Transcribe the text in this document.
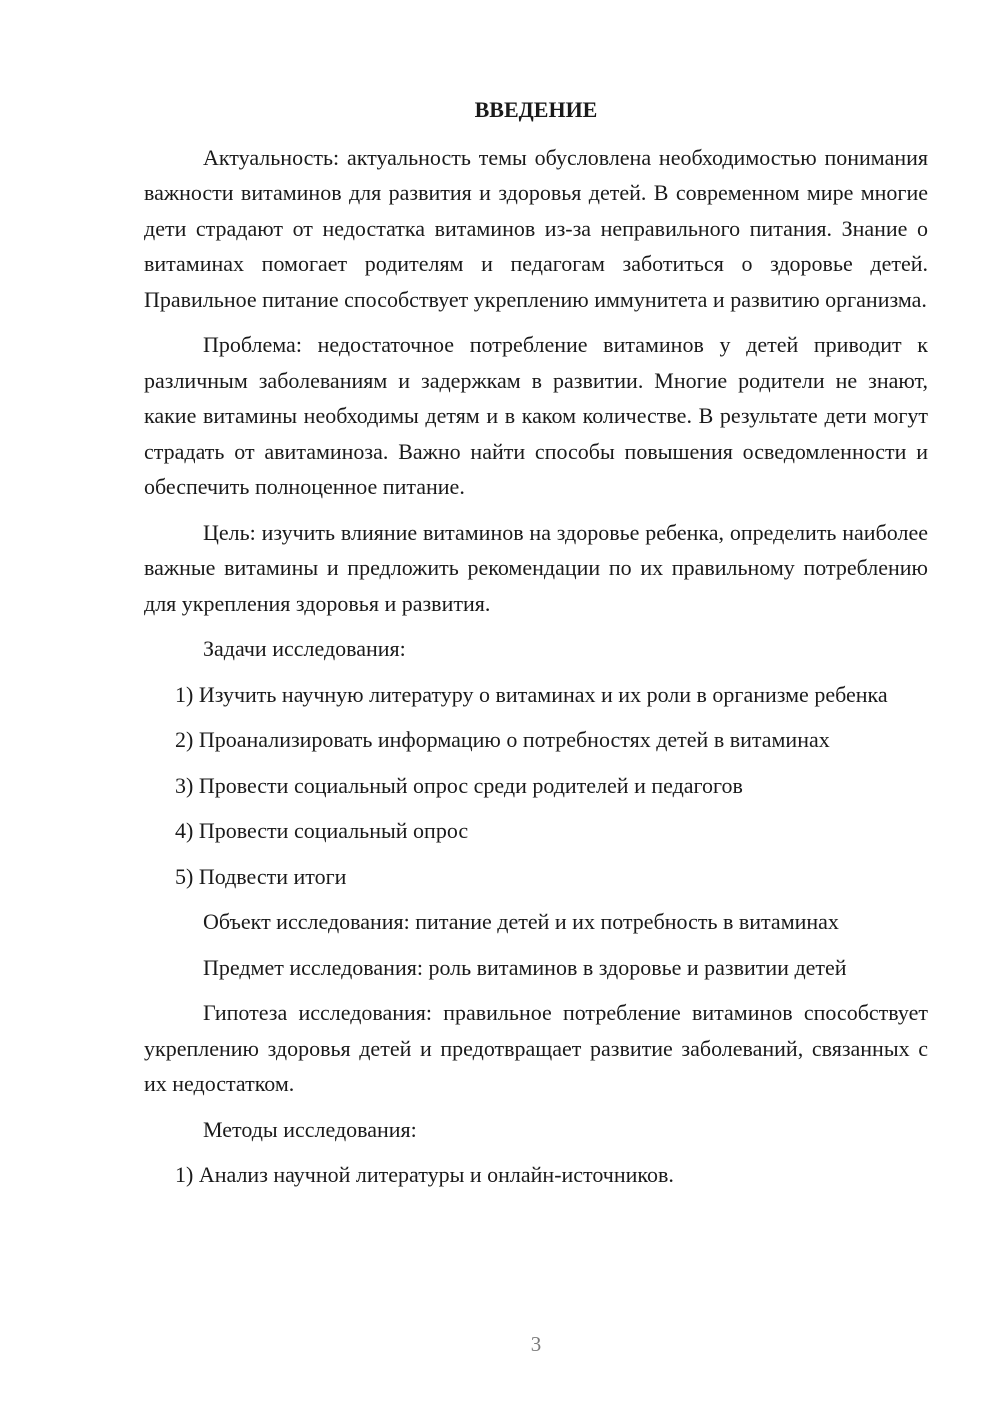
ВВЕДЕНИЕ

Актуальность: актуальность темы обусловлена необходимостью понимания важности витаминов для развития и здоровья детей. В современном мире многие дети страдают от недостатка витаминов из-за неправильного питания. Знание о витаминах помогает родителям и педагогам заботиться о здоровье детей. Правильное питание способствует укреплению иммунитета и развитию организма.

Проблема: недостаточное потребление витаминов у детей приводит к различным заболеваниям и задержкам в развитии. Многие родители не знают, какие витамины необходимы детям и в каком количестве. В результате дети могут страдать от авитаминоза. Важно найти способы повышения осведомленности и обеспечить полноценное питание.

Цель: изучить влияние витаминов на здоровье ребенка, определить наиболее важные витамины и предложить рекомендации по их правильному потреблению для укрепления здоровья и развития.

Задачи исследования:

1) Изучить научную литературу о витаминах и их роли в организме ребенка

2) Проанализировать информацию о потребностях детей в витаминах

3) Провести социальный опрос среди родителей и педагогов

4) Провести социальный опрос

5) Подвести итоги

Объект исследования: питание детей и их потребность в витаминах

Предмет исследования: роль витаминов в здоровье и развитии детей

Гипотеза исследования: правильное потребление витаминов способствует укреплению здоровья детей и предотвращает развитие заболеваний, связанных с их недостатком.

Методы исследования:

1) Анализ научной литературы и онлайн-источников.

3
